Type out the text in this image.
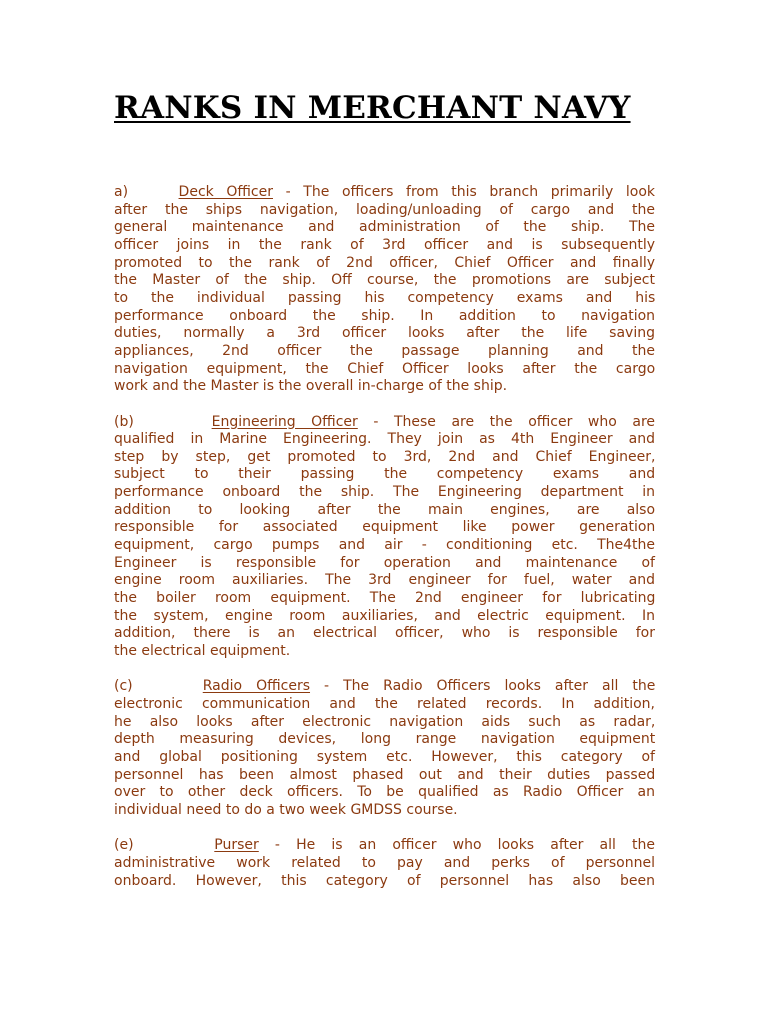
RANKS IN MERCHANT NAVY

a)	Deck Officer - The officers from this branch primarily look
after the ships navigation, loading/unloading of cargo and the
general maintenance and administration of the ship. The
officer joins in the rank of 3rd officer and is subsequently
promoted to the rank of 2nd officer, Chief Officer and finally
the Master of the ship. Off course, the promotions are subject
to the individual passing his competency exams and his
performance onboard the ship. In addition to navigation
duties, normally a 3rd officer looks after the life saving
appliances, 2nd officer the passage planning and the
navigation equipment, the Chief Officer looks after the cargo
work and the Master is the overall in-charge of the ship.

(b)	Engineering Officer - These are the officer who are
qualified in Marine Engineering. They join as 4th Engineer and
step by step, get promoted to 3rd, 2nd and Chief Engineer,
subject to their passing the competency exams and
performance onboard the ship. The Engineering department in
addition to looking after the main engines, are also
responsible for associated equipment like power generation
equipment, cargo pumps and air - conditioning etc. The4the
Engineer is responsible for operation and maintenance of
engine room auxiliaries. The 3rd engineer for fuel, water and
the boiler room equipment. The 2nd engineer for lubricating
the system, engine room auxiliaries, and electric equipment. In
addition, there is an electrical officer, who is responsible for
the electrical equipment.

(c)	Radio Officers - The Radio Officers looks after all the
electronic communication and the related records. In addition,
he also looks after electronic navigation aids such as radar,
depth measuring devices, long range navigation equipment
and global positioning system etc. However, this category of
personnel has been almost phased out and their duties passed
over to other deck officers. To be qualified as Radio Officer an
individual need to do a two week GMDSS course.

(e)	Purser - He is an officer who looks after all the
administrative work related to pay and perks of personnel
onboard. However, this category of personnel has also been
